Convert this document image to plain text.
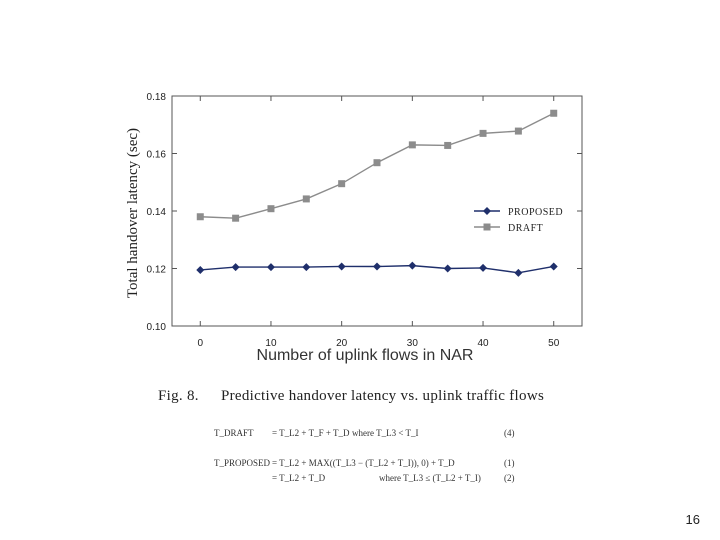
0.10
0.12
0.14
0.16
0.18
0	10	20	30	40	50
Number of uplink flows in NAR
Total handover latency (sec)	PROPOSED
DRAFT
Fig. 8. Predictive handover latency vs. uplink traffic flows
T_DRAFT = T_L2 + T_F + T_D where T_L3 < T_I	(4)
T_PROPOSED = T_L2 + MAX((T_L3 − (T_L2 + T_I)), 0) + T_D	(1)
= T_L2 + T_D	where T_L3 ≤ (T_L2 + T_I)	(2)
16
